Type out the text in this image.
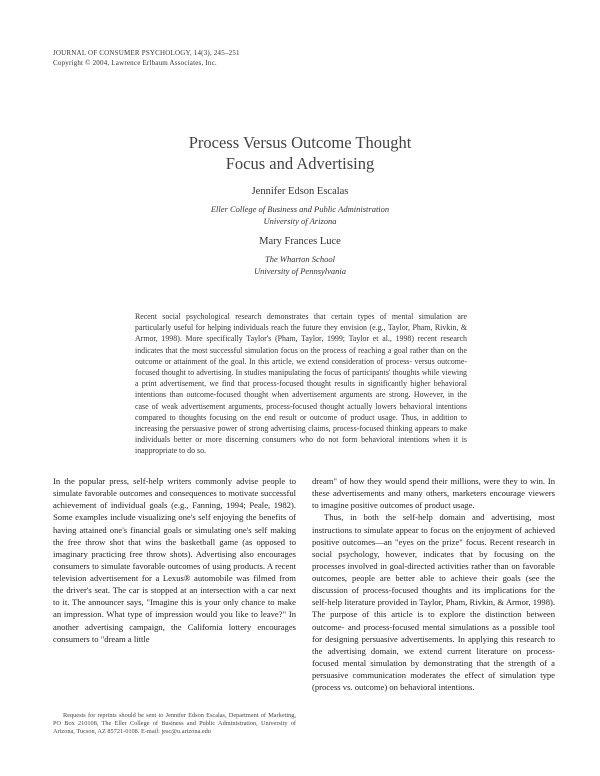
JOURNAL OF CONSUMER PSYCHOLOGY, 14(3), 245–251
Copyright © 2004, Lawrence Erlbaum Associates, Inc.
Process Versus Outcome Thought
Focus and Advertising
Jennifer Edson Escalas
Eller College of Business and Public Administration
University of Arizona
Mary Frances Luce
The Wharton School
University of Pennsylvania
Recent social psychological research demonstrates that certain types of mental simulation are particularly useful for helping individuals reach the future they envision (e.g., Taylor, Pham, Rivkin, & Armor, 1998). More specifically Taylor's (Pham, Taylor, 1999; Taylor et al., 1998) recent research indicates that the most successful simulation focus on the process of reaching a goal rather than on the outcome or attainment of the goal. In this article, we extend consideration of process- versus outcome-focused thought to advertising. In studies manipulating the focus of participants' thoughts while viewing a print advertisement, we find that process-focused thought results in significantly higher behavioral intentions than outcome-focused thought when advertisement arguments are strong. However, in the case of weak advertisement arguments, process-focused thought actually lowers behavioral intentions compared to thoughts focusing on the end result or outcome of product usage. Thus, in addition to increasing the persuasive power of strong advertising claims, process-focused thinking appears to make individuals better or more discerning consumers who do not form behavioral intentions when it is inappropriate to do so.

In the popular press, self-help writers commonly advise people to simulate favorable outcomes and consequences to motivate successful achievement of individual goals (e.g., Fanning, 1994; Peale, 1982). Some examples include visualizing one's self enjoying the benefits of having attained one's financial goals or simulating one's self making the free throw shot that wins the basketball game (as opposed to imaginary practicing free throw shots). Advertising also encourages consumers to simulate favorable outcomes of using products. A recent television advertisement for a Lexus® automobile was filmed from the driver's seat. The car is stopped at an intersection with a car next to it. The announcer says, "Imagine this is your only chance to make an impression. What type of impression would you like to leave?" In another advertising campaign, the California lottery encourages consumers to "dream a little

dream" of how they would spend their millions, were they to win. In these advertisements and many others, marketers encourage viewers to imagine positive outcomes of product usage.

Thus, in both the self-help domain and advertising, most instructions to simulate appear to focus on the enjoyment of achieved positive outcomes—an "eyes on the prize" focus. Recent research in social psychology, however, indicates that by focusing on the processes involved in goal-directed activities rather than on favorable outcomes, people are better able to achieve their goals (see the discussion of process-focused thoughts and its implications for the self-help literature provided in Taylor, Pham, Rivkin, & Armor, 1998). The purpose of this article is to explore the distinction between outcome- and process-focused mental simulations as a possible tool for designing persuasive advertisements. In applying this research to the advertising domain, we extend current literature on process-focused mental simulation by demonstrating that the strength of a persuasive communication moderates the effect of simulation type (process vs. outcome) on behavioral intentions.

Requests for reprints should be sent to Jennifer Edson Escalas, Department of Marketing, PO Box 210108, The Eller College of Business and Public Administration, University of Arizona, Tucson, AZ 85721-0108. E-mail: jesc@u.arizona.edu
